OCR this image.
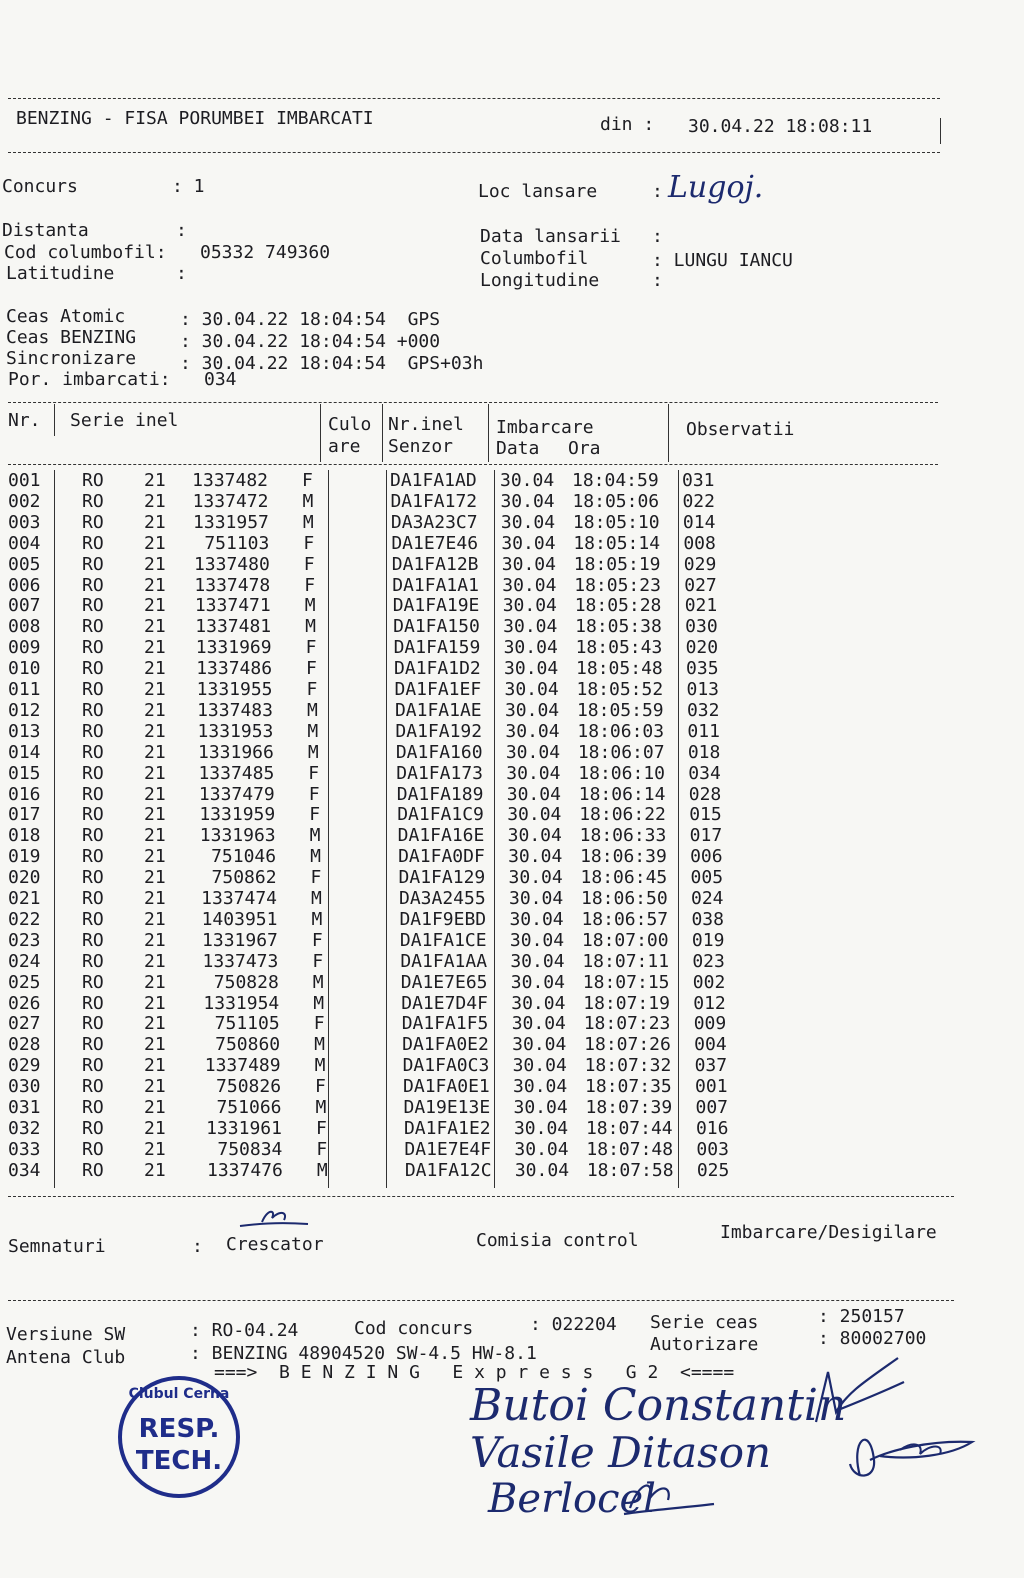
BENZING - FISA PORUMBEI IMBARCATI	din : 30.04.22 18:08:11
Concurs	: 1	Loc lansare	: Lugoj.
Distanta	:	Data lansarii :
Cod columbofil: 05332 749360	Columbofil	: LUNGU IANCU
Latitudine	:	Longitudine	:
Ceas Atomic	: 30.04.22 18:04:54  GPS
Ceas BENZING : 30.04.22 18:04:54 +000
Sincronizare : 30.04.22 18:04:54  GPS+03h
Por. imbarcati: 034
Nr. Serie inel	Culo
are
Nr.inel
Senzor
Imbarcare
Data Ora
Observatii
001 RO 21	1337482 F	DA1FA1AD 30.04 18:04:59 031
002 RO 21	1337472 M	DA1FA172 30.04 18:05:06 022
003 RO 21	1331957 M	DA3A23C7 30.04 18:05:10 014
004 RO 21	751103 F	DA1E7E46 30.04 18:05:14 008
005 RO 21	1337480 F	DA1FA12B 30.04 18:05:19 029
006 RO 21	1337478 F	DA1FA1A1 30.04 18:05:23 027
007 RO 21	1337471 M	DA1FA19E 30.04 18:05:28 021
008 RO 21	1337481 M	DA1FA150 30.04 18:05:38 030
009 RO 21	1331969 F	DA1FA159 30.04 18:05:43 020
010 RO 21	1337486 F	DA1FA1D2 30.04 18:05:48 035
011 RO 21	1331955 F	DA1FA1EF 30.04 18:05:52 013
012 RO 21	1337483 M	DA1FA1AE 30.04 18:05:59 032
013 RO 21	1331953 M	DA1FA192 30.04 18:06:03 011
014 RO 21	1331966 M	DA1FA160 30.04 18:06:07 018
015 RO 21	1337485 F	DA1FA173 30.04 18:06:10 034
016 RO 21	1337479 F	DA1FA189 30.04 18:06:14 028
017 RO 21	1331959 F	DA1FA1C9 30.04 18:06:22 015
018 RO 21	1331963 M	DA1FA16E 30.04 18:06:33 017
019 RO 21	751046 M	DA1FA0DF 30.04 18:06:39 006
020 RO 21	750862 F	DA1FA129 30.04 18:06:45 005
021 RO 21	1337474 M	DA3A2455 30.04 18:06:50 024
022 RO 21	1403951 M	DA1F9EBD 30.04 18:06:57 038
023 RO 21	1331967 F	DA1FA1CE 30.04 18:07:00 019
024 RO 21	1337473 F	DA1FA1AA 30.04 18:07:11 023
025 RO 21	750828 M	DA1E7E65 30.04 18:07:15 002
026 RO 21	1331954 M	DA1E7D4F 30.04 18:07:19 012
027 RO 21	751105 F	DA1FA1F5 30.04 18:07:23 009
028 RO 21	750860 M	DA1FA0E2 30.04 18:07:26 004
029 RO 21	1337489 M	DA1FA0C3 30.04 18:07:32 037
030 RO 21	750826 F	DA1FA0E1 30.04 18:07:35 001
031 RO 21	751066 M	DA19E13E 30.04 18:07:39 007
032 RO 21	1331961 F	DA1FA1E2 30.04 18:07:44 016
033 RO 21	750834 F	DA1E7E4F 30.04 18:07:48 003
034 RO 21	1337476 M	DA1FA12C 30.04 18:07:58 025
Semnaturi	: Crescator	Comisia control	Imbarcare/Desigilare
Versiune SW	: RO-04.24	Cod concurs	: 022204 Serie ceas	: 250157
Antena Club	: BENZING 48904520 SW-4.5 HW-8.1	Autorizare	: 80002700
===>  B E N Z I N G   E x p r e s s   G 2  <====
Clubul Cerna
RESP.
TECH.
Butoi Constantin
Vasile Ditason
Berlocel
